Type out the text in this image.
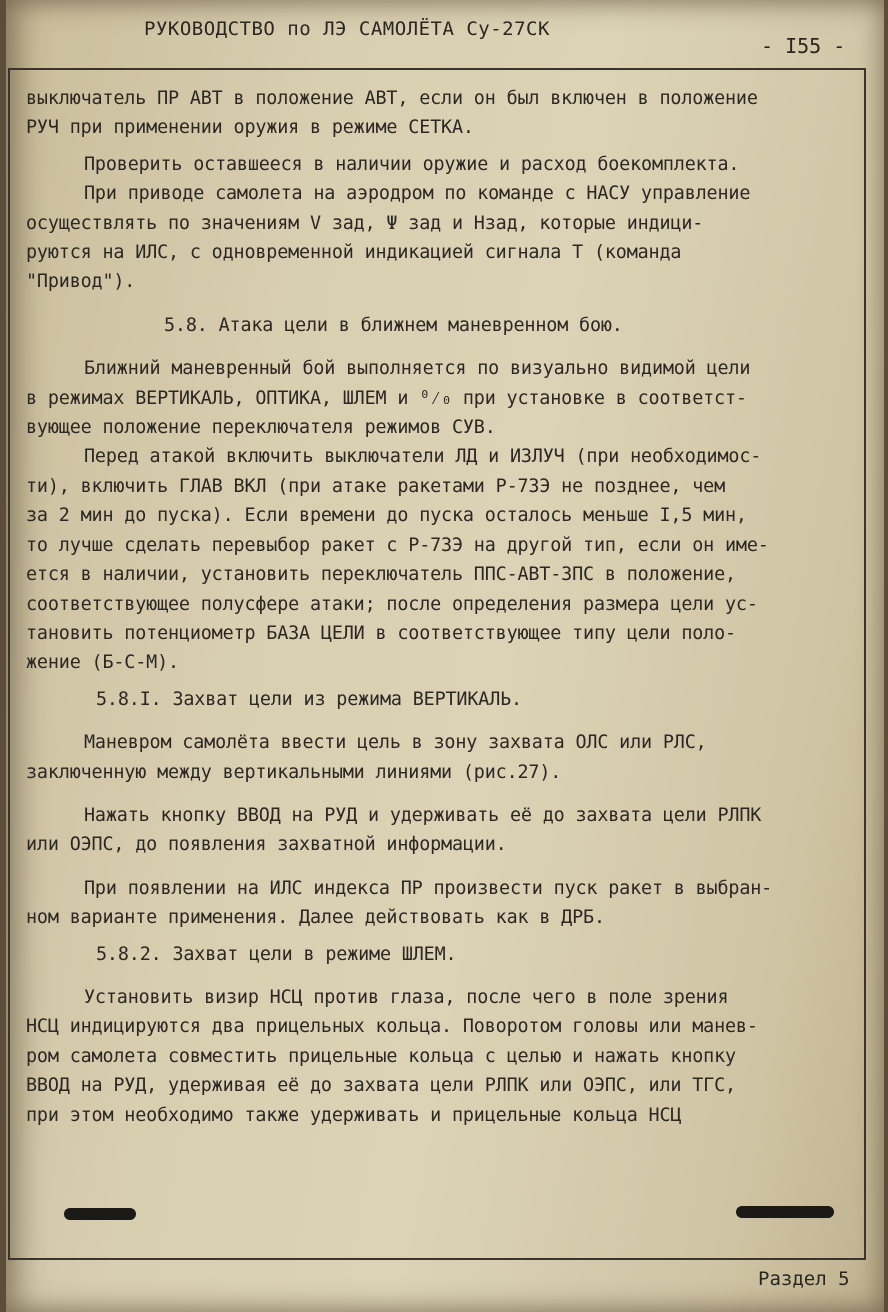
РУКОВОДСТВО по ЛЭ САМОЛЁТА Су-27СК
- I55 -
выключатель ПР АВТ в положение АВТ, если он был включен в положение
РУЧ при применении оружия в режиме СЕТКА.
Проверить оставшееся в наличии оружие и расход боекомплекта.
При приводе самолета на аэродром по команде с НАСУ управление
осуществлять по значениям V зад, Ψ зад и Нзад, которые индици-
руются на ИЛС, с одновременной индикацией сигнала Т (команда
"Привод").
5.8. Атака цели в ближнем маневренном бою.
Ближний маневренный бой выполняется по визуально видимой цели
в режимах ВЕРТИКАЛЬ, ОПТИКА, ШЛЕМ и ⁰⁄₀ при установке в соответст-
вующее положение переключателя режимов СУВ.
Перед атакой включить выключатели ЛД и ИЗЛУЧ (при необходимос-
ти), включить ГЛАВ ВКЛ (при атаке ракетами Р-73Э не позднее, чем
за 2 мин до пуска). Если времени до пуска осталось меньше I,5 мин,
то лучше сделать перевыбор ракет с Р-73Э на другой тип, если он име-
ется в наличии, установить переключатель ППС-АВТ-ЗПС в положение,
соответствующее полусфере атаки; после определения размера цели ус-
тановить потенциометр БАЗА ЦЕЛИ в соответствующее типу цели поло-
жение (Б-С-М).
5.8.I. Захват цели из режима ВЕРТИКАЛЬ.
Маневром самолёта ввести цель в зону захвата ОЛС или РЛС,
заключенную между вертикальными линиями (рис.27).
Нажать кнопку ВВОД на РУД и удерживать её до захвата цели РЛПК
или ОЭПС, до появления захватной информации.
При появлении на ИЛС индекса ПР произвести пуск ракет в выбран-
ном варианте применения. Далее действовать как в ДРБ.
5.8.2. Захват цели в режиме ШЛЕМ.
Установить визир НСЦ против глаза, после чего в поле зрения
НСЦ индицируются два прицельных кольца. Поворотом головы или манев-
ром самолета совместить прицельные кольца с целью и нажать кнопку
ВВОД на РУД, удерживая её до захвата цели РЛПК или ОЭПС, или ТГС,
при этом необходимо также удерживать и прицельные кольца НСЦ
Раздел 5
